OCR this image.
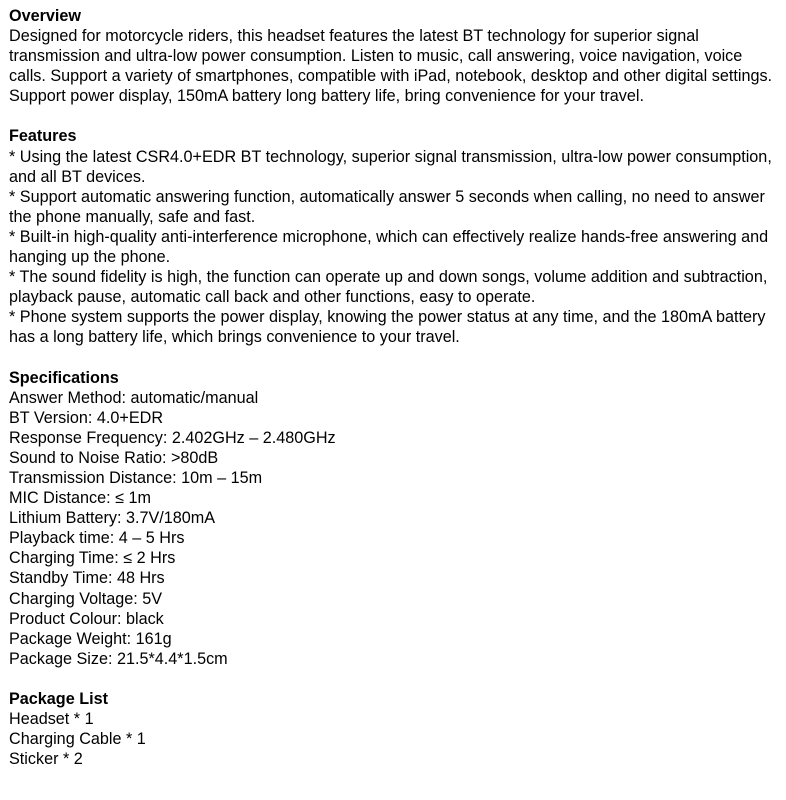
Overview
Designed for motorcycle riders, this headset features the latest BT technology for superior signal transmission and ultra-low power consumption. Listen to music, call answering, voice navigation, voice calls. Support a variety of smartphones, compatible with iPad, notebook, desktop and other digital settings. Support power display, 150mA battery long battery life, bring convenience for your travel.
Features
* Using the latest CSR4.0+EDR BT technology, superior signal transmission, ultra-low power consumption, and all BT devices.
* Support automatic answering function, automatically answer 5 seconds when calling, no need to answer the phone manually, safe and fast.
* Built-in high-quality anti-interference microphone, which can effectively realize hands-free answering and hanging up the phone.
* The sound fidelity is high, the function can operate up and down songs, volume addition and subtraction, playback pause, automatic call back and other functions, easy to operate.
* Phone system supports the power display, knowing the power status at any time, and the 180mA battery has a long battery life, which brings convenience to your travel.
Specifications
Answer Method: automatic/manual
BT Version: 4.0+EDR
Response Frequency: 2.402GHz – 2.480GHz
Sound to Noise Ratio: >80dB
Transmission Distance: 10m – 15m
MIC Distance: ≤ 1m
Lithium Battery: 3.7V/180mA
Playback time: 4 – 5 Hrs
Charging Time: ≤ 2 Hrs
Standby Time: 48 Hrs
Charging Voltage: 5V
Product Colour: black
Package Weight: 161g
Package Size: 21.5*4.4*1.5cm
Package List
Headset * 1
Charging Cable * 1
Sticker * 2
